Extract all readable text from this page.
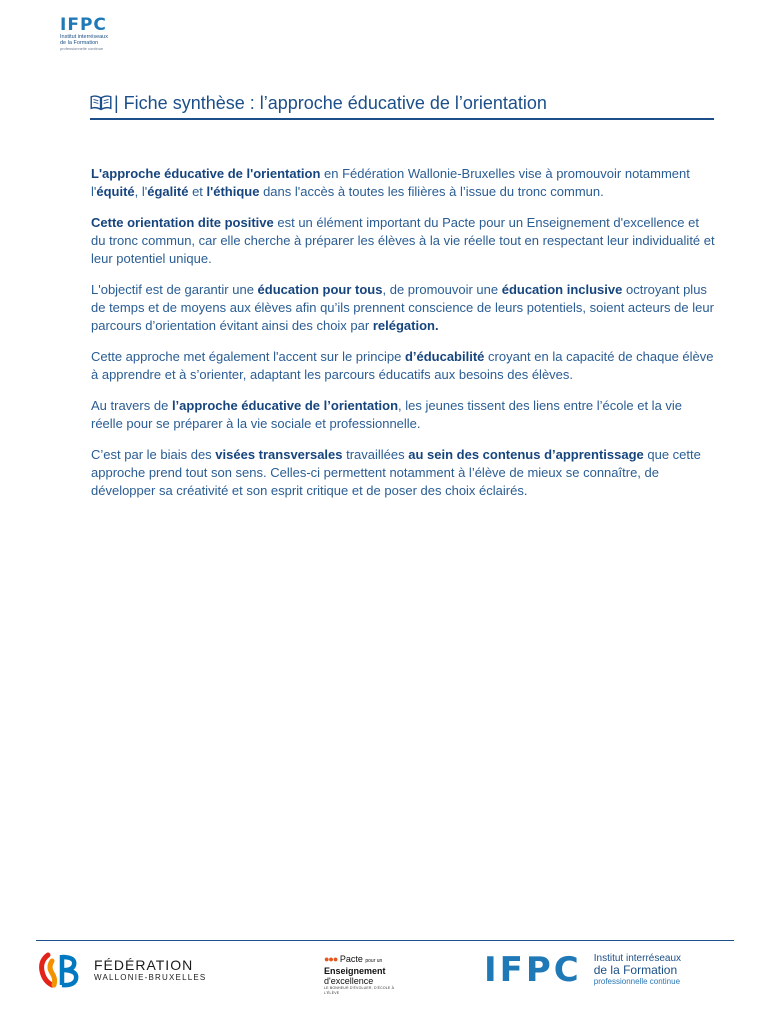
IFPC
Institut interréseaux
de la Formation
professionnelle continue
| Fiche synthèse : l’approche éducative de l’orientation

L'approche éducative de l'orientation en Fédération Wallonie-Bruxelles vise à promouvoir notamment l'équité, l'égalité et l'éthique dans l'accès à toutes les filières à l’issue du tronc commun.

Cette orientation dite positive est un élément important du Pacte pour un Enseignement d'excellence et du tronc commun, car elle cherche à préparer les élèves à la vie réelle tout en respectant leur individualité et leur potentiel unique.

L'objectif est de garantir une éducation pour tous, de promouvoir une éducation inclusive octroyant plus de temps et de moyens aux élèves afin qu’ils prennent conscience de leurs potentiels, soient acteurs de leur parcours d’orientation évitant ainsi des choix par relégation.

Cette approche met également l'accent sur le principe d’éducabilité croyant en la capacité de chaque élève à apprendre et à s’orienter, adaptant les parcours éducatifs aux besoins des élèves.

Au travers de l’approche éducative de l’orientation, les jeunes tissent des liens entre l’école et la vie réelle pour se préparer à la vie sociale et professionnelle.

C’est par le biais des visées transversales travaillées au sein des contenus d’apprentissage que cette approche prend tout son sens. Celles-ci permettent notamment à l’élève de mieux se connaître, de développer sa créativité et son esprit critique et de poser des choix éclairés.

FÉDÉRATION
WALLONIE-BRUXELLES
●●● Pacte pour un
Enseignement
d'excellence
LE BONHEUR D'ÉVOLUER, D'ÉCOLE À L'ÉLÈVE
IFPC Institut interréseaux
de la Formation
professionnelle continue
